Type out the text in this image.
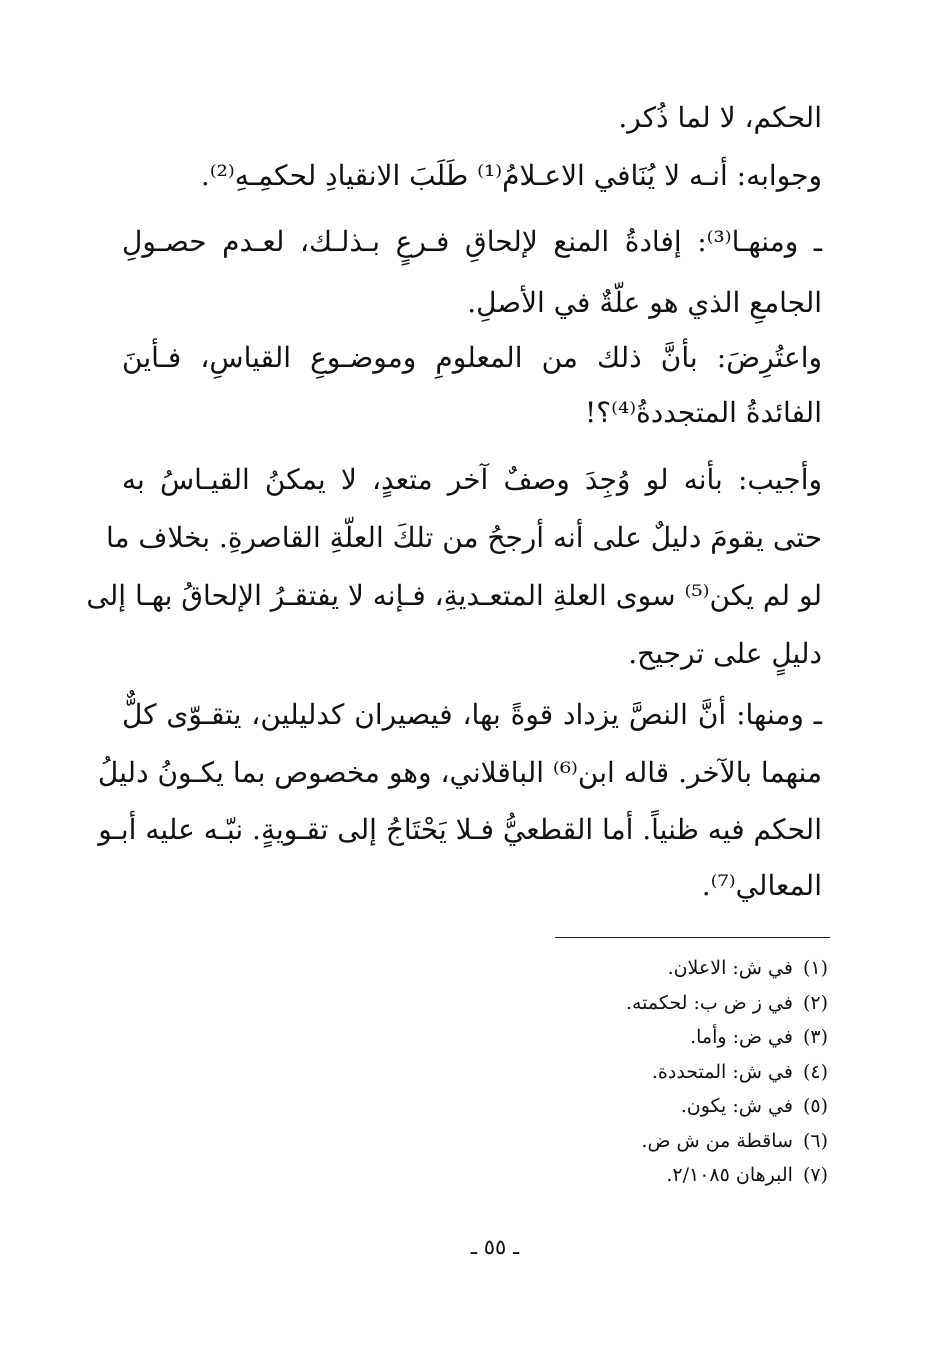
الحكم، لا لما ذُكر.
وجوابه: أنـه لا يُنَافي الاعـلامُ⁽¹⁾ طَلَبَ الانقيادِ لحكمِـهِ⁽²⁾.
ـ ومنهـا⁽³⁾: إفادةُ المنع لإلحاقِ فـرعٍ بـذلـك، لعـدم حصـولِ
الجامعِ الذي هو علّةٌ في الأصلِ.
واعتُرِضَ: بأنَّ ذلك من المعلومِ وموضـوعِ القياسِ، فـأينَ
الفائدةُ المتجددةُ⁽⁴⁾؟!
وأجيب: بأنه لو وُجِدَ وصفٌ آخر متعدٍ، لا يمكنُ القيـاسُ به
حتى يقومَ دليلٌ على أنه أرجحُ من تلكَ العلّةِ القاصرةِ. بخلاف ما
لو لم يكن⁽⁵⁾ سوى العلةِ المتعـديةِ، فـإنه لا يفتقـرُ الإلحاقُ بهـا إلى
دليلٍ على ترجيح.
ـ ومنها: أنَّ النصَّ يزداد قوةً بها، فيصيران كدليلين، يتقـوّى كلٌّ
منهما بالآخر. قاله ابن⁽⁶⁾ الباقلاني، وهو مخصوص بما يكـونُ دليلُ
الحكم فيه ظنياً. أما القطعيُّ فـلا يَحْتَاجُ إلى تقـويةٍ. نبّـه عليه أبـو
المعالي⁽⁷⁾.
(١)في ش: الاعلان.
(٢)في ز ض ب: لحكمته.
(٣)في ض: وأما.
(٤)في ش: المتحددة.
(٥)في ش: يكون.
(٦)ساقطة من ش ض.
(٧)البرهان ٢/١٠٨٥.
ـ ٥٥ ـ
